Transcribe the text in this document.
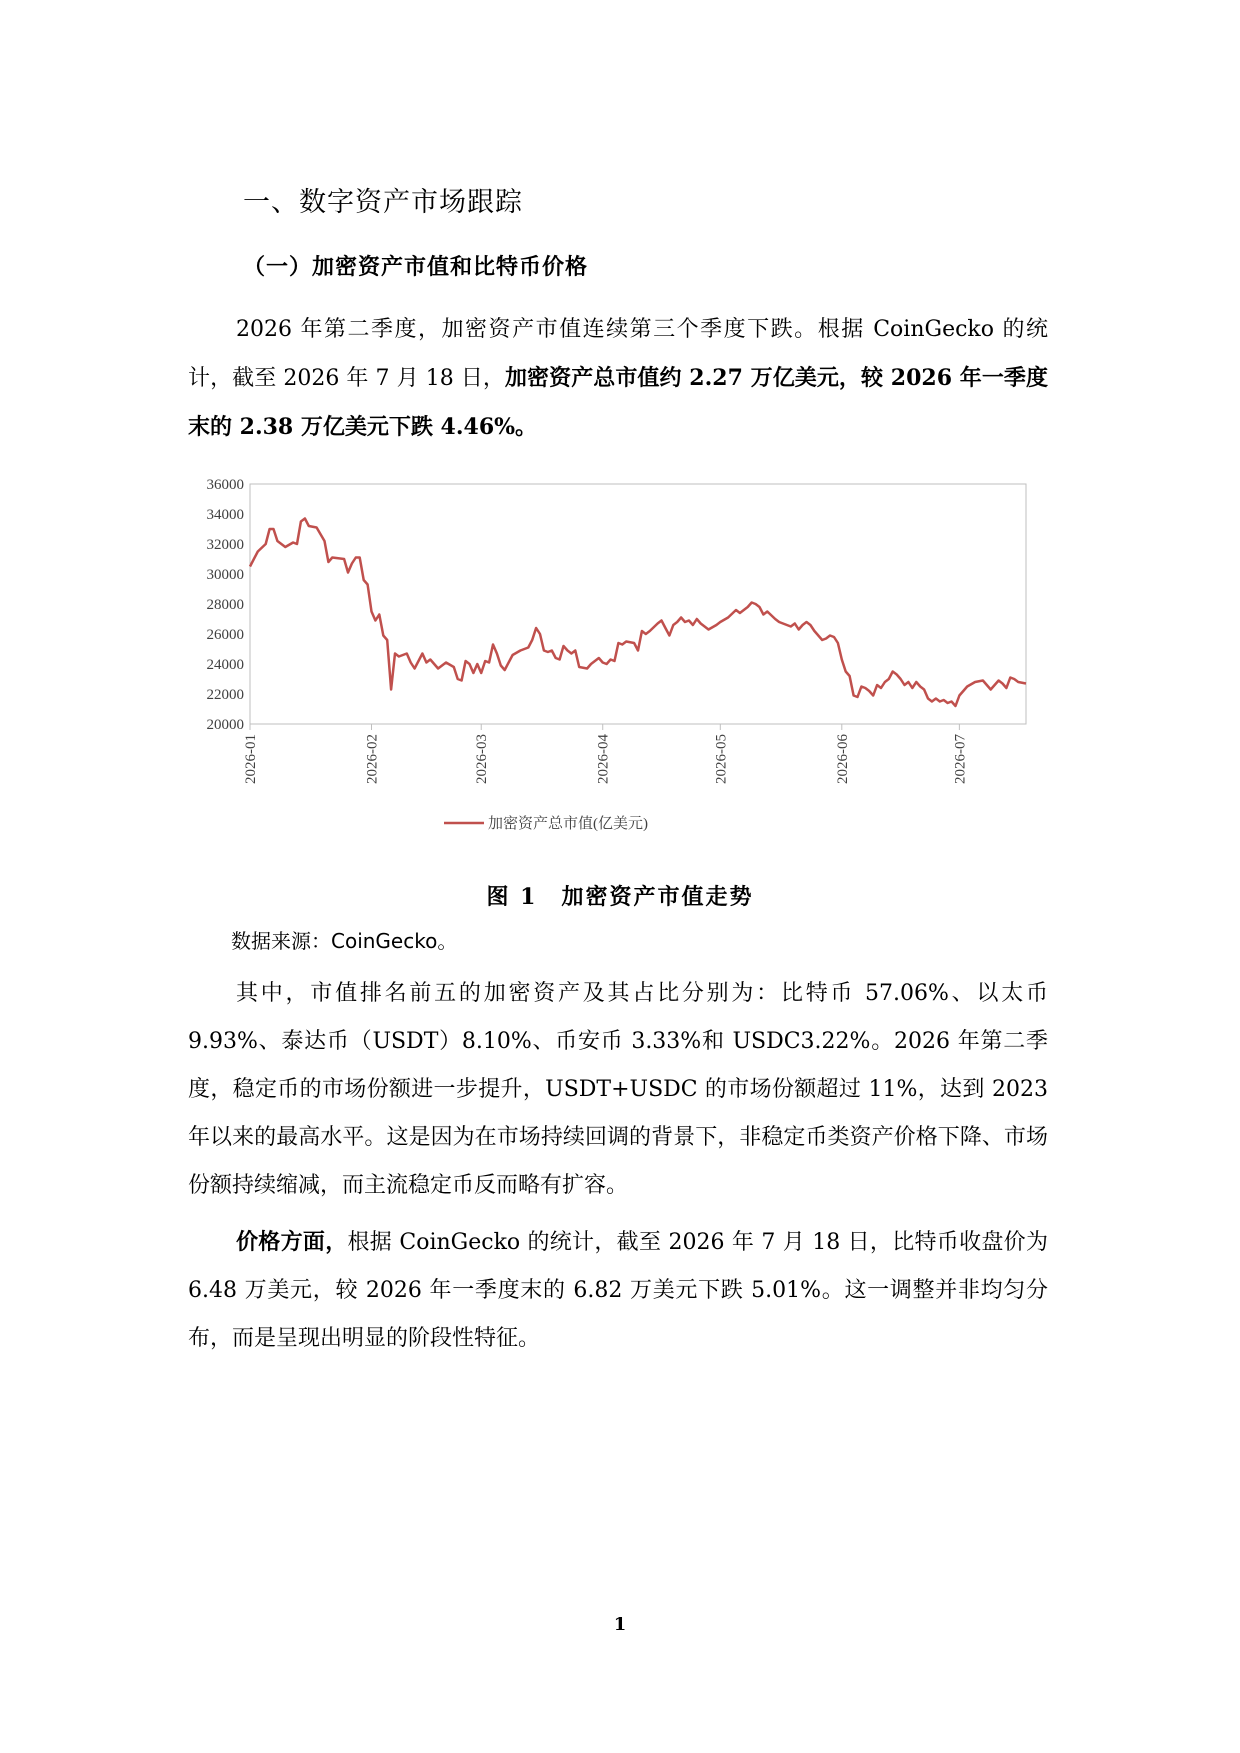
一、数字资产市场跟踪
（一）加密资产市值和比特币价格
2026 年第二季度，加密资产市值连续第三个季度下跌。根据 CoinGecko 的统计，截至 2026 年 7 月 18 日，加密资产总市值约 2.27 万亿美元，较 2026 年一季度末的 2.38 万亿美元下跌 4.46%。
20000
22000
24000
26000
28000
30000
32000
34000
36000
2026-01	2026-02	2026-03	2026-04	2026-05	2026-06	2026-07
加密资产总市值(亿美元)
图 1　加密资产市值走势
数据来源：CoinGecko。
其中，市值排名前五的加密资产及其占比分别为：比特币 57.06%、以太币 9.93%、泰达币（USDT）8.10%、币安币 3.33%和 USDC3.22%。2026 年第二季度，稳定币的市场份额进一步提升，USDT+USDC 的市场份额超过 11%，达到 2023 年以来的最高水平。这是因为在市场持续回调的背景下，非稳定币类资产价格下降、市场份额持续缩减，而主流稳定币反而略有扩容。
价格方面，根据 CoinGecko 的统计，截至 2026 年 7 月 18 日，比特币收盘价为 6.48 万美元，较 2026 年一季度末的 6.82 万美元下跌 5.01%。这一调整并非均匀分布，而是呈现出明显的阶段性特征。
1
